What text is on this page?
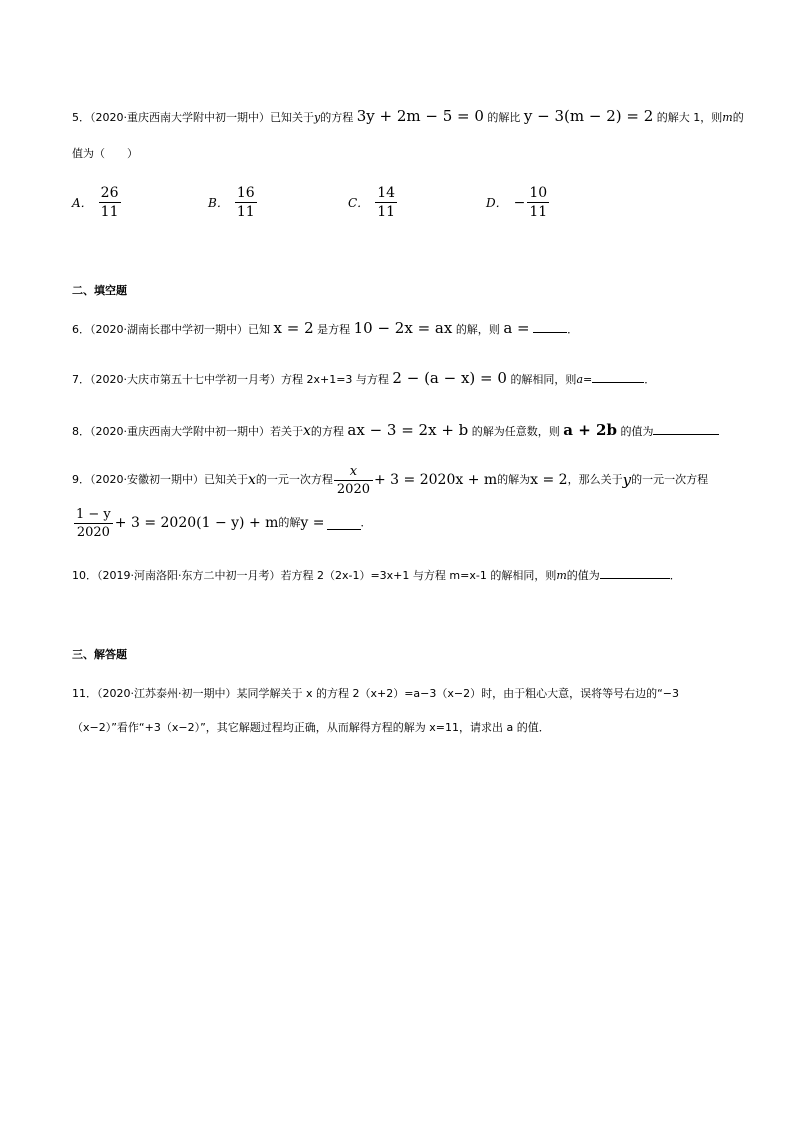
5．（2020·重庆西南大学附中初一期中）已知关于y的方程 3y + 2m − 5 = 0 的解比 y − 3(m − 2) = 2 的解大 1，则m的
值为（　　）
A． $\frac{26}{11}$	B． $\frac{16}{11}$	C． $\frac{14}{11}$	D． − $\frac{10}{11}$
二、填空题
6．（2020·湖南长郡中学初一期中）已知 x = 2 是方程 10 − 2x = ax 的解，则 a =	．
7．（2020·大庆市第五十七中学初一月考）方程 2x+1=3 与方程 2 − (a − x) = 0 的解相同，则a=	．
8．（2020·重庆西南大学附中初一期中）若关于x的方程 ax − 3 = 2x + b 的解为任意数，则 a + 2b 的值为
9．（2020·安徽初一期中）已知关于 x 的一元一次方程 $\frac{x}{2020} + 3 = 2020x + m$ 的解为 x = 2 ，那么关于 y 的一元一次方程
$\frac{1 - y}{2020} + 3 = 2020(1 - y) + m$ 的解 y =	．
10．（2019·河南洛阳·东方二中初一月考）若方程 2（2x-1）=3x+1 与方程 m=x-1 的解相同，则m的值为	．
三、解答题
11．（2020·江苏泰州·初一期中）某同学解关于 x 的方程 2（x+2）=a−3（x−2）时，由于粗心大意，误将等号右边的“−3
（x−2）”看作“+3（x−2）”，其它解题过程均正确，从而解得方程的解为 x=11，请求出 a 的值．
